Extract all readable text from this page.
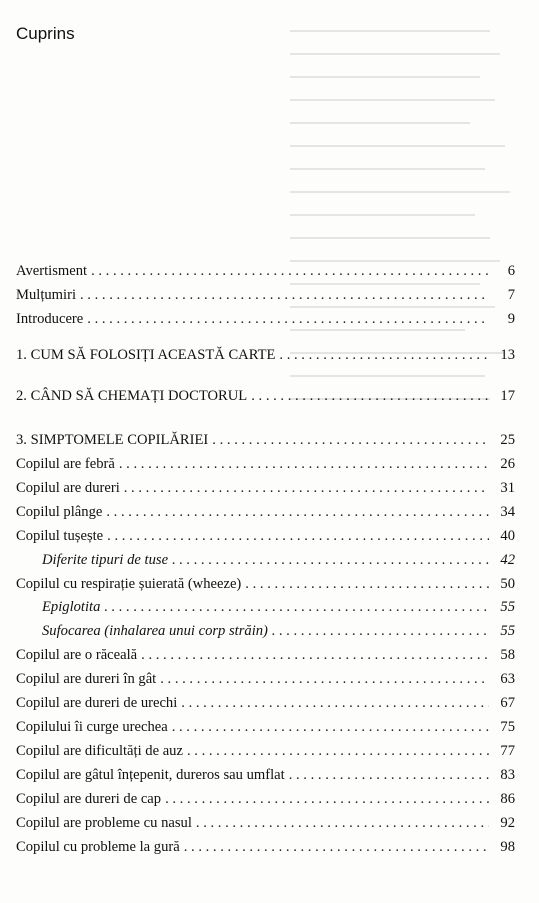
Cuprins
Avertisment . . .	6
Mulțumiri . . .	7
Introducere . . .	9
1. CUM SĂ FOLOSIȚI ACEASTĂ CARTE . . .	13
2. CÂND SĂ CHEMAȚI DOCTORUL . . .	17
3. SIMPTOMELE COPILĂRIEI . . .	25
Copilul are febră . . .	26
Copilul are dureri . . .	31
Copilul plânge . . .	34
Copilul tușește . . .	40
Diferite tipuri de tuse . . .	42
Copilul cu respirație șuierată (wheeze) . . .	50
Epiglotita . . .	55
Sufocarea (inhalarea unui corp străin) . . .	55
Copilul are o răceală . . .	58
Copilul are dureri în gât . . .	63
Copilul are dureri de urechi . . .	67
Copilului îi curge urechea . . .	75
Copilul are dificultăți de auz . . .	77
Copilul are gâtul înțepenit, dureros sau umflat . . .	83
Copilul are dureri de cap . . .	86
Copilul are probleme cu nasul . . .	92
Copilul cu probleme la gură . . .	98
